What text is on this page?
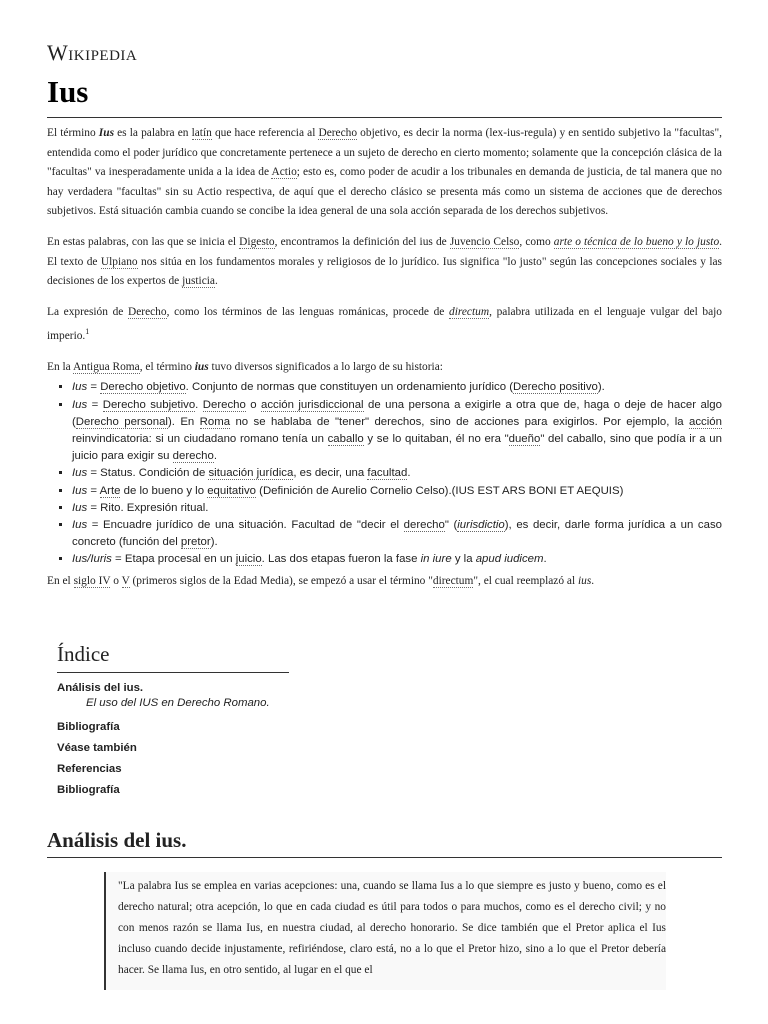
Wikipedia
Ius

El término Ius es la palabra en latín que hace referencia al Derecho objetivo, es decir la norma (lex-ius-regula) y en sentido subjetivo la "facultas", entendida como el poder jurídico que concretamente pertenece a un sujeto de derecho en cierto momento; solamente que la concepción clásica de la "facultas" va inesperadamente unida a la idea de Actio; esto es, como poder de acudir a los tribunales en demanda de justicia, de tal manera que no hay verdadera "facultas" sin su Actio respectiva, de aquí que el derecho clásico se presenta más como un sistema de acciones que de derechos subjetivos. Está situación cambia cuando se concibe la idea general de una sola acción separada de los derechos subjetivos.

En estas palabras, con las que se inicia el Digesto, encontramos la definición del ius de Juvencio Celso, como arte o técnica de lo bueno y lo justo. El texto de Ulpiano nos sitúa en los fundamentos morales y religiosos de lo jurídico. Ius significa "lo justo" según las concepciones sociales y las decisiones de los expertos de justicia.

La expresión de Derecho, como los términos de las lenguas románicas, procede de directum, palabra utilizada en el lenguaje vulgar del bajo imperio.$^1$

En la Antigua Roma, el término ius tuvo diversos significados a lo largo de su historia:

▪ Ius = Derecho objetivo. Conjunto de normas que constituyen un ordenamiento jurídico (Derecho positivo).
▪ Ius = Derecho subjetivo. Derecho o acción jurisdiccional de una persona a exigirle a otra que de, haga o deje de hacer algo (Derecho personal). En Roma no se hablaba de "tener" derechos, sino de acciones para exigirlos. Por ejemplo, la acción reinvindicatoria: si un ciudadano romano tenía un caballo y se lo quitaban, él no era "dueño" del caballo, sino que podía ir a un juicio para exigir su derecho.
▪ Ius = Status. Condición de situación jurídica, es decir, una facultad.
▪ Ius = Arte de lo bueno y lo equitativo (Definición de Aurelio Cornelio Celso).(IUS EST ARS BONI ET AEQUIS)
▪ Ius = Rito. Expresión ritual.
▪ Ius = Encuadre jurídico de una situación. Facultad de "decir el derecho" (iurisdictio), es decir, darle forma jurídica a un caso concreto (función del pretor).
▪ Ius/Iuris = Etapa procesal en un juicio. Las dos etapas fueron la fase in iure y la apud iudicem.

En el siglo IV o V (primeros siglos de la Edad Media), se empezó a usar el término "directum", el cual reemplazó al ius.

Índice
Análisis del ius.
El uso del IUS en Derecho Romano.
Bibliografía
Véase también
Referencias
Bibliografía
Análisis del ius.
"La palabra Ius se emplea en varias acepciones: una, cuando se llama Ius a lo que siempre es justo y bueno, como es el derecho natural; otra acepción, lo que en cada ciudad es útil para todos o para muchos, como es el derecho civil; y no con menos razón se llama Ius, en nuestra ciudad, al derecho honorario. Se dice también que el Pretor aplica el Ius incluso cuando decide injustamente, refiriéndose, claro está, no a lo que el Pretor hizo, sino a lo que el Pretor debería hacer. Se llama Ius, en otro sentido, al lugar en el que el
